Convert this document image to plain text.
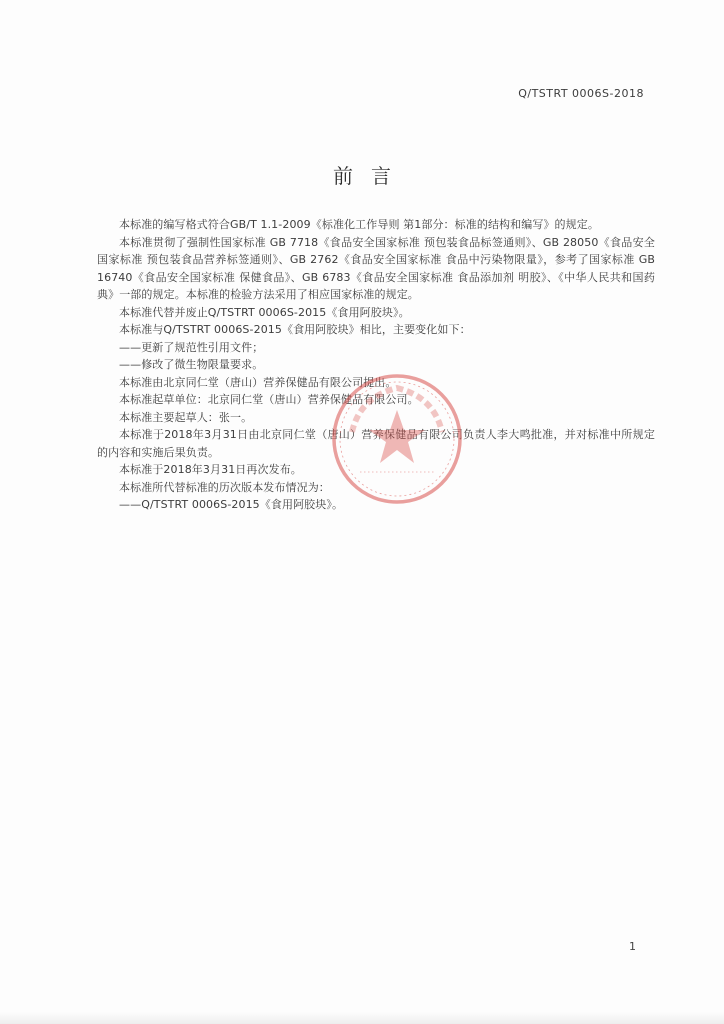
Q/TSTRT 0006S-2018
前言

本标准的编写格式符合GB/T 1.1-2009《标准化工作导则 第1部分：标准的结构和编写》的规定。

本标准贯彻了强制性国家标准 GB 7718《食品安全国家标准 预包装食品标签通则》、GB 28050《食品安全国家标准 预包装食品营养标签通则》、GB 2762《食品安全国家标准 食品中污染物限量》，参考了国家标准 GB 16740《食品安全国家标准 保健食品》、GB 6783《食品安全国家标准 食品添加剂 明胶》、《中华人民共和国药典》一部的规定。本标准的检验方法采用了相应国家标准的规定。

本标准代替并废止Q/TSTRT 0006S-2015《食用阿胶块》。

本标准与Q/TSTRT 0006S-2015《食用阿胶块》相比，主要变化如下：

——更新了规范性引用文件；

——修改了微生物限量要求。

本标准由北京同仁堂（唐山）营养保健品有限公司提出。

本标准起草单位：北京同仁堂（唐山）营养保健品有限公司。

本标准主要起草人：张一。

本标准于2018年3月31日由北京同仁堂（唐山）营养保健品有限公司负责人李大鸣批准，并对标准中所规定的内容和实施后果负责。

本标准于2018年3月31日再次发布。

本标准所代替标准的历次版本发布情况为：

——Q/TSTRT 0006S-2015《食用阿胶块》。

1
